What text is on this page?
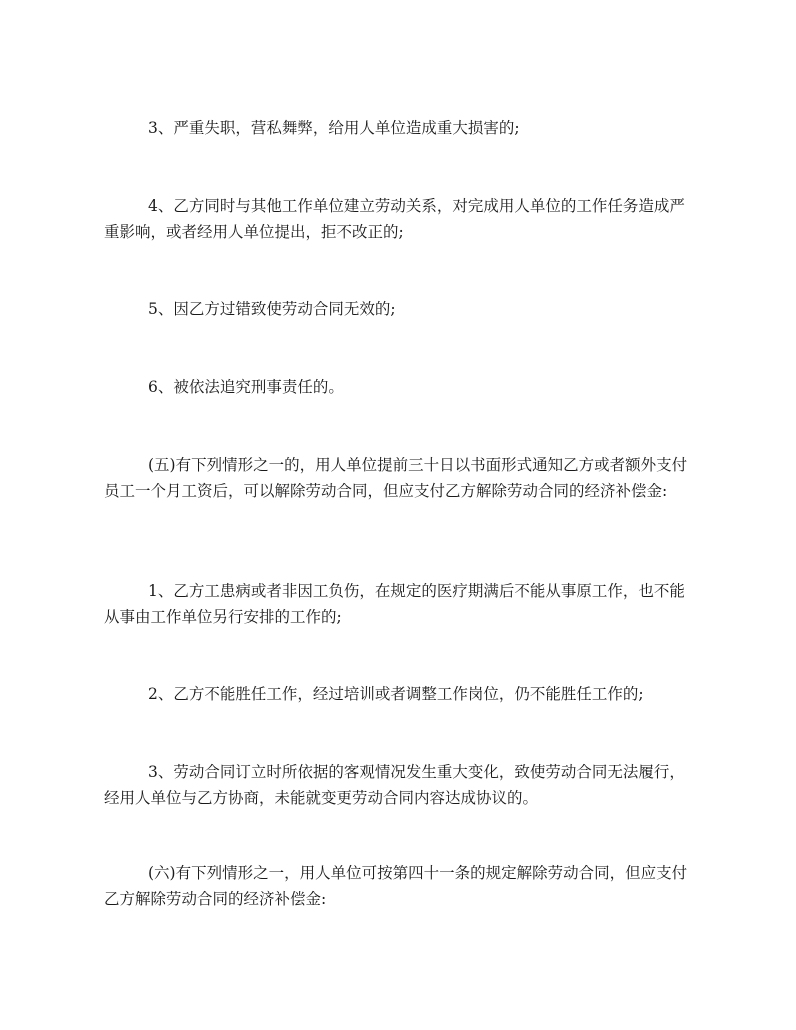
3、严重失职，营私舞弊，给用人单位造成重大损害的;

4、乙方同时与其他工作单位建立劳动关系，对完成用人单位的工作任务造成严重影响，或者经用人单位提出，拒不改正的;

5、因乙方过错致使劳动合同无效的;

6、被依法追究刑事责任的。

(五)有下列情形之一的，用人单位提前三十日以书面形式通知乙方或者额外支付员工一个月工资后，可以解除劳动合同，但应支付乙方解除劳动合同的经济补偿金:

1、乙方工患病或者非因工负伤，在规定的医疗期满后不能从事原工作，也不能从事由工作单位另行安排的工作的;

2、乙方不能胜任工作，经过培训或者调整工作岗位，仍不能胜任工作的;

3、劳动合同订立时所依据的客观情况发生重大变化，致使劳动合同无法履行，经用人单位与乙方协商，未能就变更劳动合同内容达成协议的。

(六)有下列情形之一，用人单位可按第四十一条的规定解除劳动合同，但应支付乙方解除劳动合同的经济补偿金:
